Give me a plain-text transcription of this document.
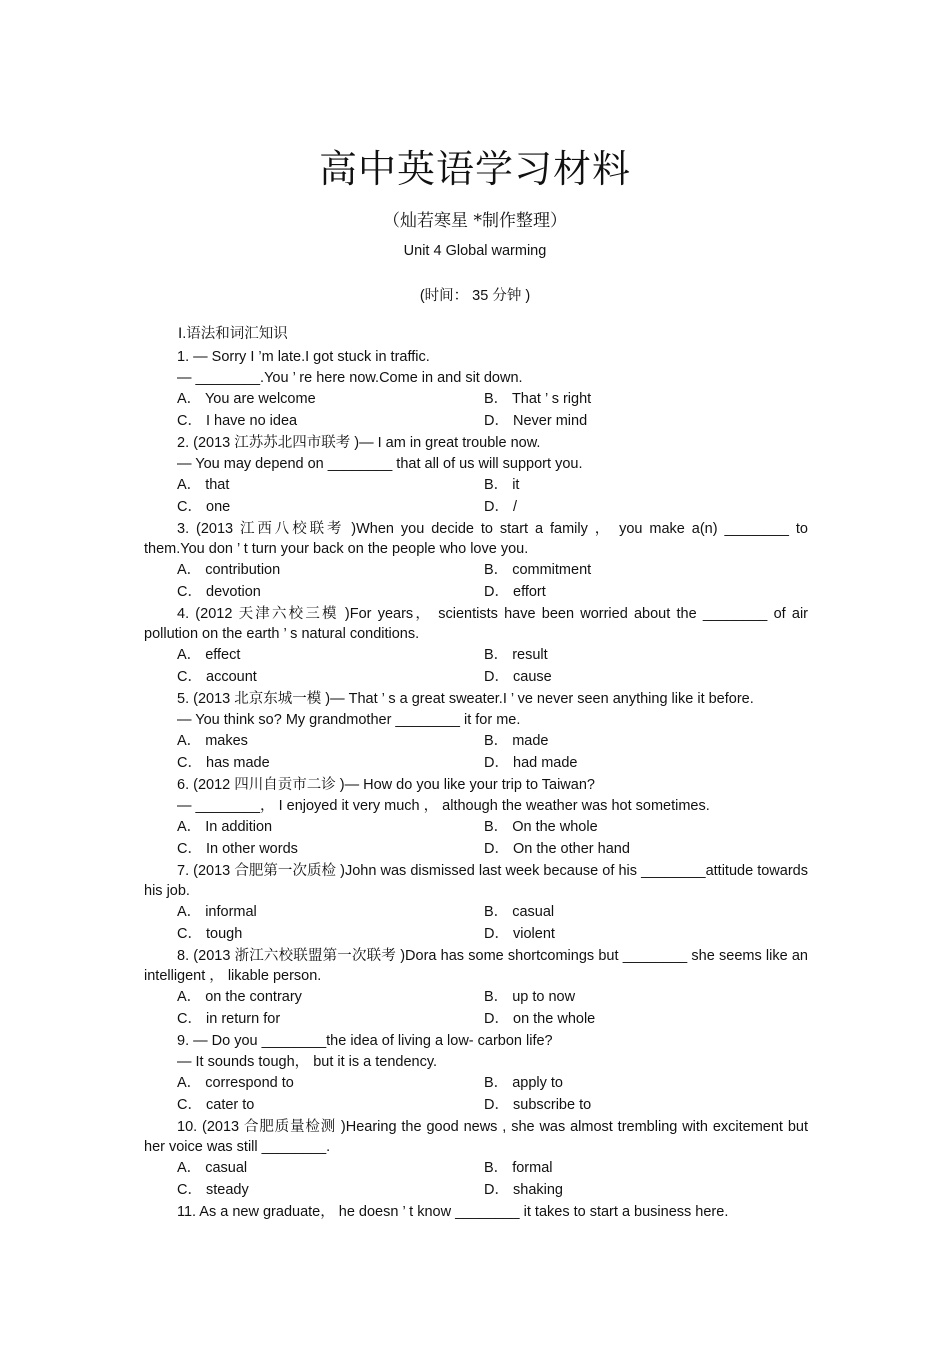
高中英语学习材料
（灿若寒星 *制作整理）
Unit 4 Global warming
(时间： 35 分钟 )
Ⅰ.语法和词汇知识
1. — Sorry I ’m late.I got stuck in traffic.
— ________.You ’ re here now.Come in and sit down.
A． You are welcome	B． That ’ s right
C． I have no idea	D． Never mind
2. (2013 江苏苏北四市联考 )— I am in great trouble now.
— You may depend on ________ that all of us will support you.
A． that	B． it
C． one	D． /
3. (2013 江西八校联考 )When you decide to start a family ， you make a(n) ________ to them.You don ’ t turn your back on the people who love you.
A． contribution	B． commitment
C． devotion	D． effort
4. (2012 天津六校三模 )For years， scientists have been worried about the ________ of air pollution on the earth ’ s natural conditions.
A． effect	B． result
C． account	D． cause
5. (2013 北京东城一模 )— That ’ s a great sweater.I ’ ve never seen anything like it before.
— You think so? My grandmother ________ it for me.
A． makes	B． made
C． has made	D． had made
6. (2012 四川自贡市二诊 )— How do you like your trip to Taiwan?
— ________， I enjoyed it very much ， although the weather was hot sometimes.
A． In addition	B． On the whole
C． In other words	D． On the other hand
7. (2013 合肥第一次质检 )John was dismissed last week because of his ________attitude towards his job.
A． informal	B． casual
C． tough	D． violent
8. (2013 浙江六校联盟第一次联考 )Dora has some shortcomings but ________ she seems like an intelligent ， likable person.
A． on the contrary	B． up to now
C． in return for	D． on the whole
9. — Do you ________the idea of living a low- carbon life?
— It sounds tough， but it is a tendency.
A． correspond to	B． apply to
C． cater to	D． subscribe to
10. (2013 合肥质量检测 )Hearing the good news , she was almost trembling with excitement but her voice was still ________.
A． casual	B． formal
C． steady	D． shaking
11. As a new graduate， he doesn ’ t know ________ it takes to start a business here.
